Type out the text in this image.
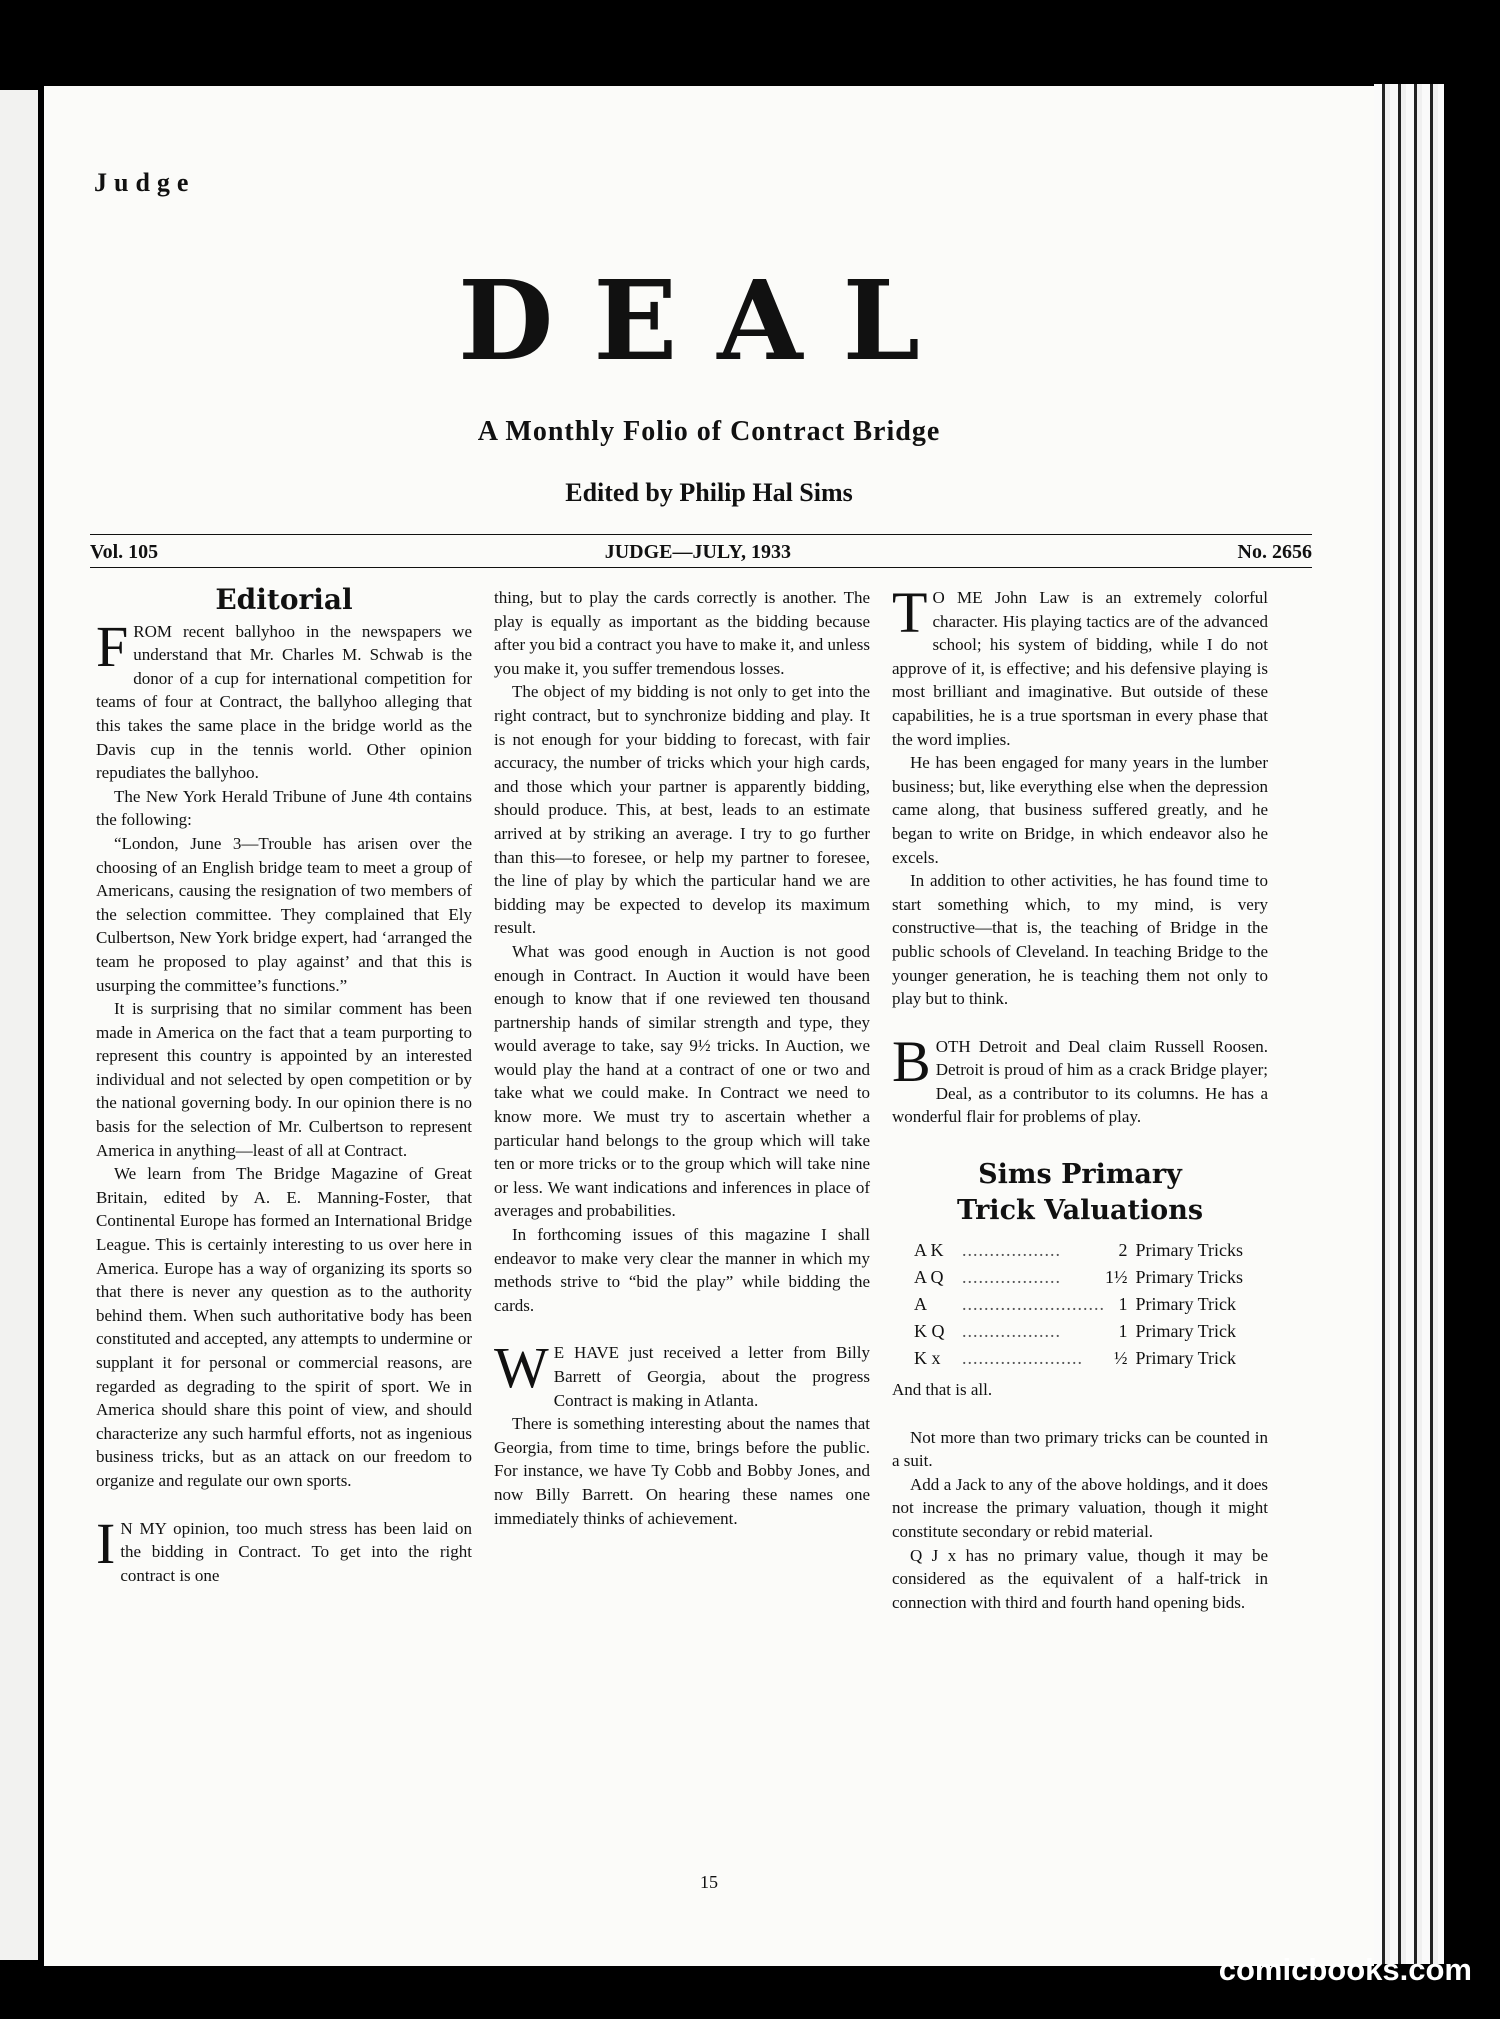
Judge
DEAL
A Monthly Folio of Contract Bridge
Edited by Philip Hal Sims
Vol. 105	JUDGE—JULY, 1933	No. 2656
Editorial

FROM recent ballyhoo in the newspapers we understand that Mr. Charles M. Schwab is the donor of a cup for international competition for teams of four at Contract, the ballyhoo alleging that this takes the same place in the bridge world as the Davis cup in the tennis world. Other opinion repudiates the ballyhoo.

The New York Herald Tribune of June 4th contains the following:

“London, June 3—Trouble has arisen over the choosing of an English bridge team to meet a group of Americans, causing the resignation of two members of the selection committee. They complained that Ely Culbertson, New York bridge expert, had ‘arranged the team he proposed to play against’ and that this is usurping the committee’s functions.”

It is surprising that no similar comment has been made in America on the fact that a team purporting to represent this country is appointed by an interested individual and not selected by open competition or by the national governing body. In our opinion there is no basis for the selection of Mr. Culbertson to represent America in anything—least of all at Contract.

We learn from The Bridge Magazine of Great Britain, edited by A. E. Manning-Foster, that Continental Europe has formed an International Bridge League. This is certainly interesting to us over here in America. Europe has a way of organizing its sports so that there is never any question as to the authority behind them. When such authoritative body has been constituted and accepted, any attempts to undermine or supplant it for personal or commercial reasons, are regarded as degrading to the spirit of sport. We in America should share this point of view, and should characterize any such harmful efforts, not as ingenious business tricks, but as an attack on our freedom to organize and regulate our own sports.

I N MY opinion, too much stress has been laid on the bidding in Contract. To get into the right contract is one

thing, but to play the cards correctly is another. The play is equally as important as the bidding because after you bid a contract you have to make it, and unless you make it, you suffer tremendous losses.

The object of my bidding is not only to get into the right contract, but to synchronize bidding and play. It is not enough for your bidding to forecast, with fair accuracy, the number of tricks which your high cards, and those which your partner is apparently bidding, should produce. This, at best, leads to an estimate arrived at by striking an average. I try to go further than this—to foresee, or help my partner to foresee, the line of play by which the particular hand we are bidding may be expected to develop its maximum result.

What was good enough in Auction is not good enough in Contract. In Auction it would have been enough to know that if one reviewed ten thousand partnership hands of similar strength and type, they would average to take, say 9½ tricks. In Auction, we would play the hand at a contract of one or two and take what we could make. In Contract we need to know more. We must try to ascertain whether a particular hand belongs to the group which will take ten or more tricks or to the group which will take nine or less. We want indications and inferences in place of averages and probabilities.

In forthcoming issues of this magazine I shall endeavor to make very clear the manner in which my methods strive to “bid the play” while bidding the cards.

W E HAVE just received a letter from Billy Barrett of Georgia, about the progress Contract is making in Atlanta.

There is something interesting about the names that Georgia, from time to time, brings before the public. For instance, we have Ty Cobb and Bobby Jones, and now Billy Barrett. On hearing these names one immediately thinks of achievement.

T O ME John Law is an extremely colorful character. His playing tactics are of the advanced school; his system of bidding, while I do not approve of it, is effective; and his defensive playing is most brilliant and imaginative. But outside of these capabilities, he is a true sportsman in every phase that the word implies.

He has been engaged for many years in the lumber business; but, like everything else when the depression came along, that business suffered greatly, and he began to write on Bridge, in which endeavor also he excels.

In addition to other activities, he has found time to start something which, to my mind, is very constructive—that is, the teaching of Bridge in the public schools of Cleveland. In teaching Bridge to the younger generation, he is teaching them not only to play but to think.

BOTH Detroit and Deal claim Russell Roosen. Detroit is proud of him as a crack Bridge player; Deal, as a contributor to its columns. He has a wonderful flair for problems of play.

Sims Primary
Trick Valuations
A K	..................	2	Primary Tricks
A Q	..................	1½	Primary Tricks
A	..........................	1	Primary Trick
K Q	..................	1	Primary Trick
K x	......................	½	Primary Trick

And that is all.

Not more than two primary tricks can be counted in a suit.

Add a Jack to any of the above holdings, and it does not increase the primary valuation, though it might constitute secondary or rebid material.

Q J x has no primary value, though it may be considered as the equivalent of a half-trick in connection with third and fourth hand opening bids.

15
comicbooks.com
